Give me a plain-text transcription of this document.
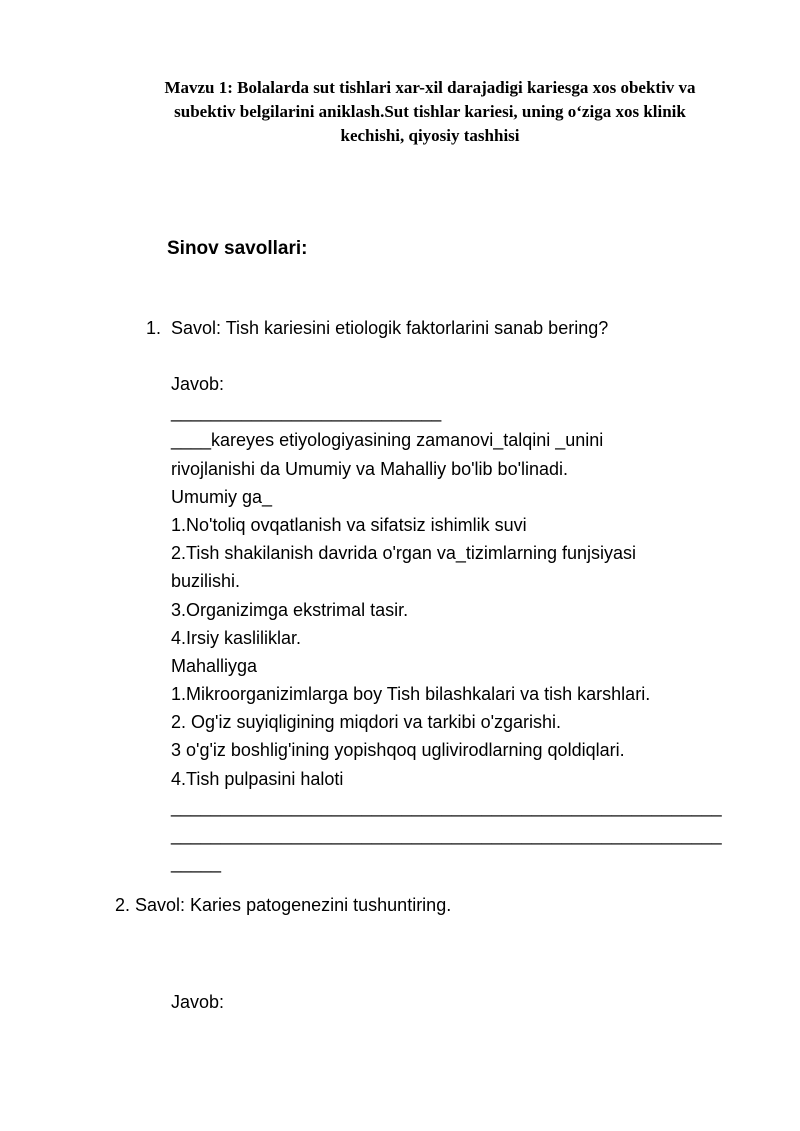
Mavzu 1: Bolalarda sut tishlari xar-xil darajadigi kariesga xos obektiv va
subektiv belgilarini aniklash.Sut tishlar kariesi, uning o‘ziga xos klinik
kechishi, qiyosiy tashhisi
Sinov savollari:
1. Savol: Tish kariesini etiologik faktorlarini sanab bering?
Javob:
___________________________
____kareyes etiyologiyasining zamanovi_talqini _unini
rivojlanishi da Umumiy va Mahalliy bo'lib bo'linadi.
Umumiy ga_
1.No'toliq ovqatlanish va sifatsiz ishimlik suvi
2.Tish shakilanish davrida o'rgan va_tizimlarning funjsiyasi
buzilishi.
3.Organizimga ekstrimal tasir.
4.Irsiy kasliliklar.
Mahalliyga
1.Mikroorganizimlarga boy Tish bilashkalari va tish karshlari.
2. Og'iz suyiqligining miqdori va tarkibi o'zgarishi.
3 o'g'iz boshlig'ining yopishqoq uglivirodlarning qoldiqlari.
4.Tish pulpasini haloti
_______________________________________________________
_______________________________________________________
_____
2. Savol: Karies patogenezini tushuntiring.
Javob:
